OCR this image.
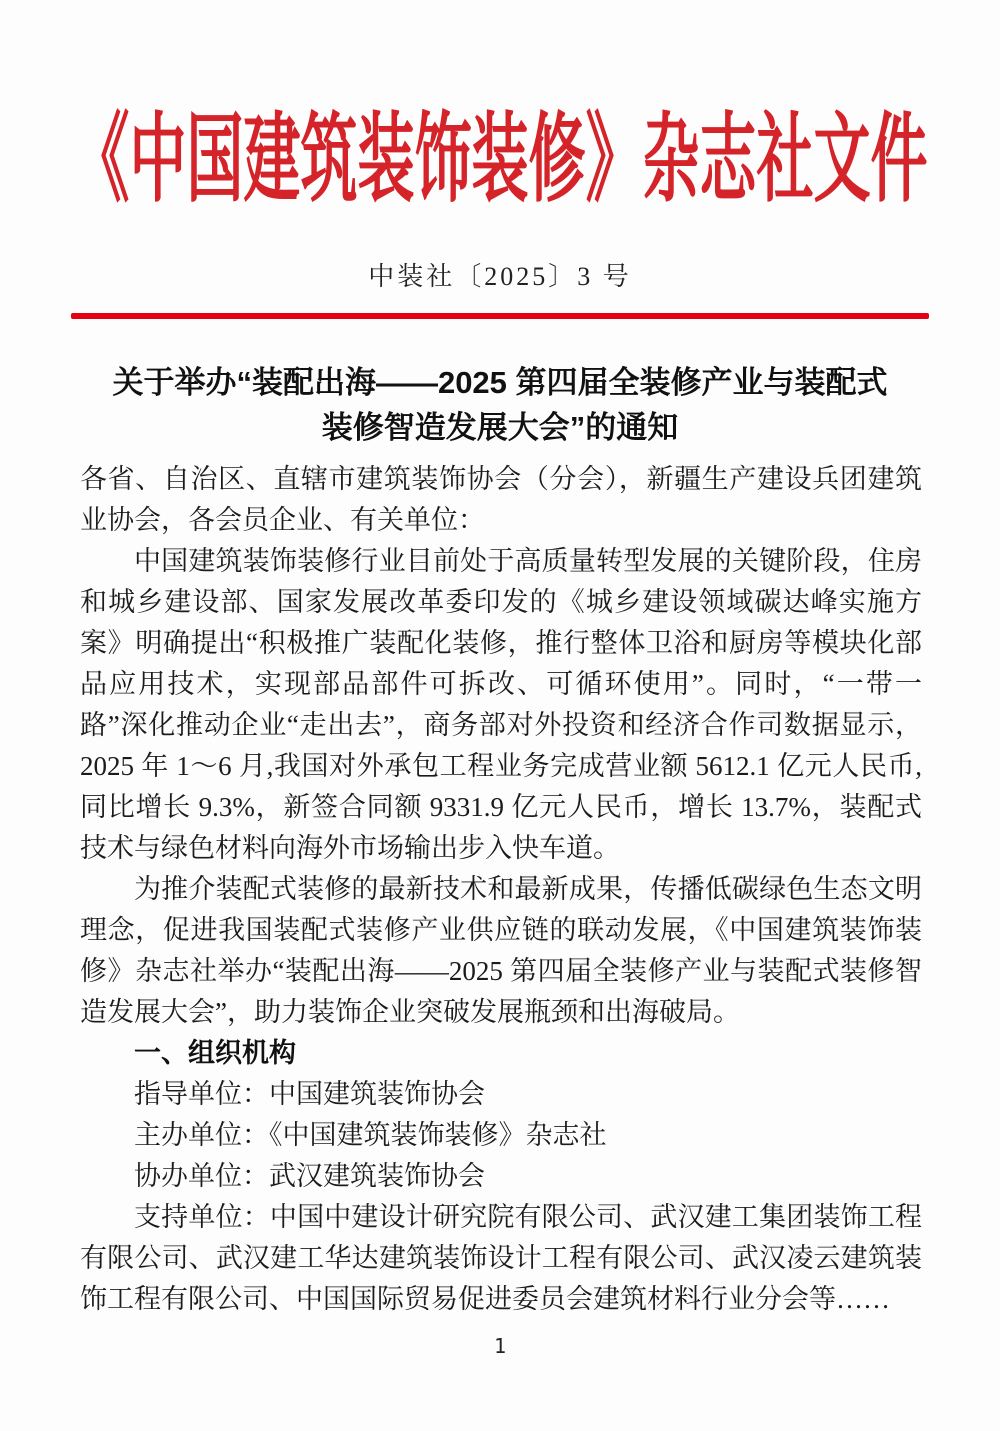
《中国建筑装饰装修》杂志社文件
中装社〔2025〕3 号
关于举办“装配出海——2025 第四届全装修产业与装配式
装修智造发展大会”的通知

各省、自治区、直辖市建筑装饰协会（分会），新疆生产建设兵团建筑业协会，各会员企业、有关单位：

中国建筑装饰装修行业目前处于高质量转型发展的关键阶段，住房和城乡建设部、国家发展改革委印发的《城乡建设领域碳达峰实施方案》明确提出“积极推广装配化装修，推行整体卫浴和厨房等模块化部品应用技术，实现部品部件可拆改、可循环使用”。同时，“一带一路”深化推动企业“走出去”，商务部对外投资和经济合作司数据显示，2025 年 1～6 月,我国对外承包工程业务完成营业额 5612.1 亿元人民币,同比增长 9.3%，新签合同额 9331.9 亿元人民币，增长 13.7%，装配式技术与绿色材料向海外市场输出步入快车道。

为推介装配式装修的最新技术和最新成果，传播低碳绿色生态文明理念，促进我国装配式装修产业供应链的联动发展，《中国建筑装饰装修》杂志社举办“装配出海——2025 第四届全装修产业与装配式装修智造发展大会”，助力装饰企业突破发展瓶颈和出海破局。

一、组织机构
指导单位：中国建筑装饰协会
主办单位：《中国建筑装饰装修》杂志社
协办单位：武汉建筑装饰协会

支持单位：中国中建设计研究院有限公司、武汉建工集团装饰工程有限公司、武汉建工华达建筑装饰设计工程有限公司、武汉凌云建筑装饰工程有限公司、中国国际贸易促进委员会建筑材料行业分会等……

1
